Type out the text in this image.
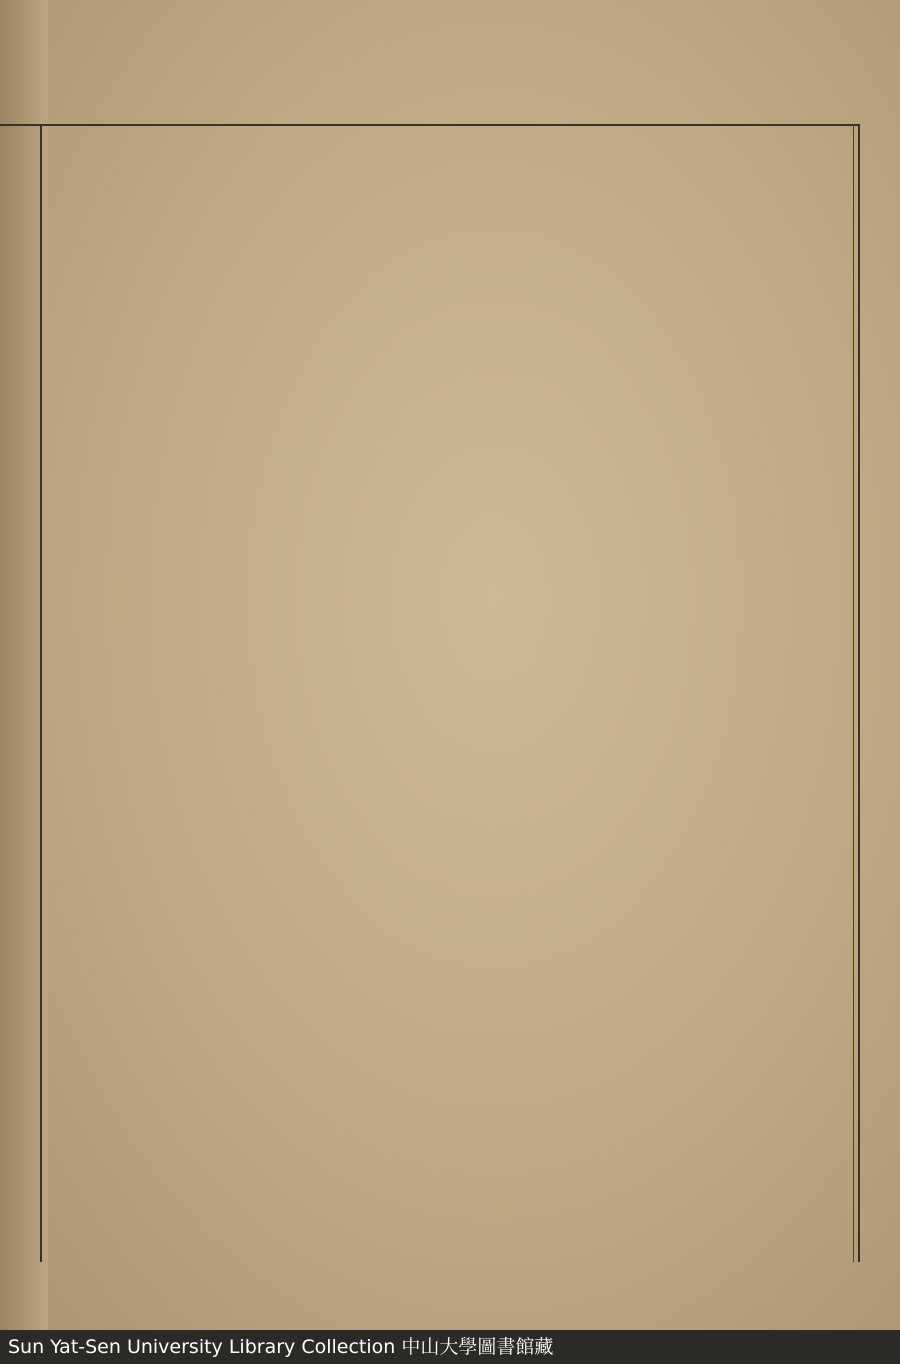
Sun Yat-Sen University Library Collection 中山大學圖書館藏
